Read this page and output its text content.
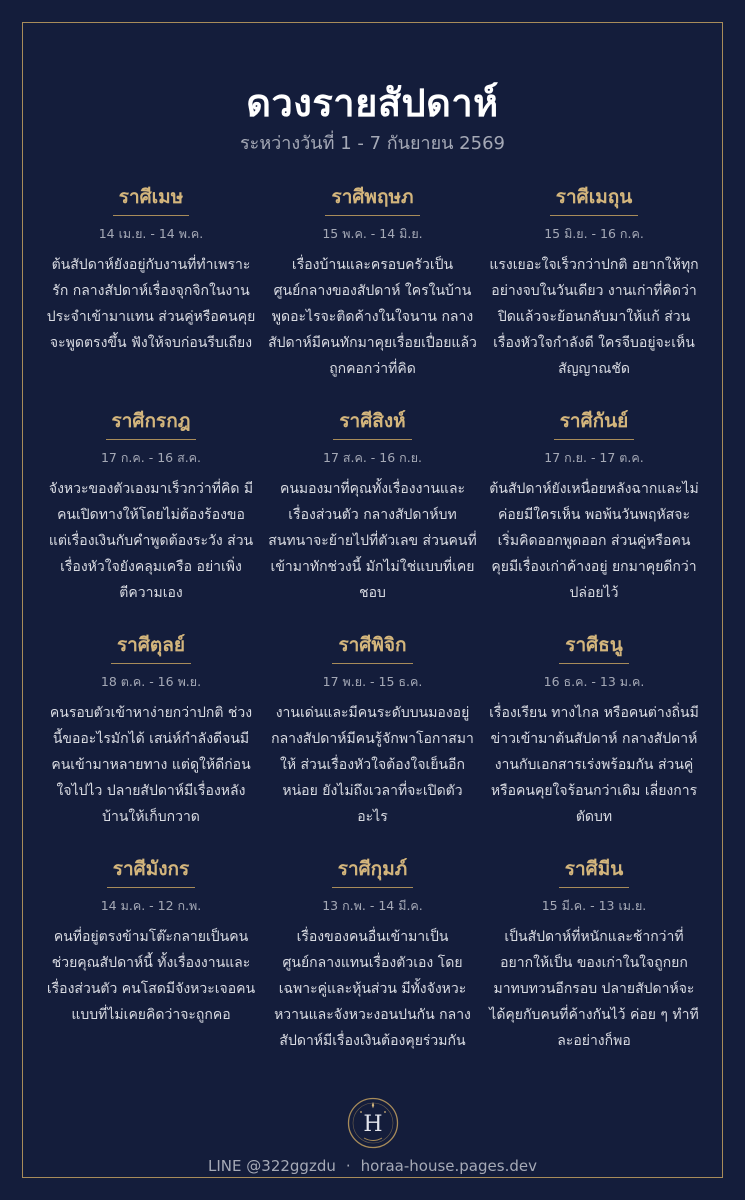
ดวงรายสัปดาห์
ระหว่างวันที่ 1 - 7 กันยายน 2569
ราศีเมษ
14 เม.ย. - 14 พ.ค.
ต้นสัปดาห์ยังอยู่กับงานที่ทำเพราะรัก กลางสัปดาห์เรื่องจุกจิกในงานประจำเข้ามาแทน ส่วนคู่หรือคนคุยจะพูดตรงขึ้น ฟังให้จบก่อนรีบเถียง
ราศีพฤษภ
15 พ.ค. - 14 มิ.ย.
เรื่องบ้านและครอบครัวเป็นศูนย์กลางของสัปดาห์ ใครในบ้านพูดอะไรจะติดค้างในใจนาน กลางสัปดาห์มีคนทักมาคุยเรื่อยเปื่อยแล้วถูกคอกว่าที่คิด
ราศีเมถุน
15 มิ.ย. - 16 ก.ค.
แรงเยอะใจเร็วกว่าปกติ อยากให้ทุกอย่างจบในวันเดียว งานเก่าที่คิดว่าปิดแล้วจะย้อนกลับมาให้แก้ ส่วนเรื่องหัวใจกำลังดี ใครจีบอยู่จะเห็นสัญญาณชัด
ราศีกรกฎ
17 ก.ค. - 16 ส.ค.
จังหวะของตัวเองมาเร็วกว่าที่คิด มีคนเปิดทางให้โดยไม่ต้องร้องขอ แต่เรื่องเงินกับคำพูดต้องระวัง ส่วนเรื่องหัวใจยังคลุมเครือ อย่าเพิ่งตีความเอง
ราศีสิงห์
17 ส.ค. - 16 ก.ย.
คนมองมาที่คุณทั้งเรื่องงานและเรื่องส่วนตัว กลางสัปดาห์บทสนทนาจะย้ายไปที่ตัวเลข ส่วนคนที่เข้ามาทักช่วงนี้ มักไม่ใช่แบบที่เคยชอบ
ราศีกันย์
17 ก.ย. - 17 ต.ค.
ต้นสัปดาห์ยังเหนื่อยหลังฉากและไม่ค่อยมีใครเห็น พอพ้นวันพฤหัสจะเริ่มคิดออกพูดออก ส่วนคู่หรือคนคุยมีเรื่องเก่าค้างอยู่ ยกมาคุยดีกว่าปล่อยไว้
ราศีตุลย์
18 ต.ค. - 16 พ.ย.
คนรอบตัวเข้าหาง่ายกว่าปกติ ช่วงนี้ขออะไรมักได้ เสน่ห์กำลังดีจนมีคนเข้ามาหลายทาง แต่ดูให้ดีก่อนใจไปไว ปลายสัปดาห์มีเรื่องหลังบ้านให้เก็บกวาด
ราศีพิจิก
17 พ.ย. - 15 ธ.ค.
งานเด่นและมีคนระดับบนมองอยู่ กลางสัปดาห์มีคนรู้จักพาโอกาสมาให้ ส่วนเรื่องหัวใจต้องใจเย็นอีกหน่อย ยังไม่ถึงเวลาที่จะเปิดตัวอะไร
ราศีธนู
16 ธ.ค. - 13 ม.ค.
เรื่องเรียน ทางไกล หรือคนต่างถิ่นมีข่าวเข้ามาต้นสัปดาห์ กลางสัปดาห์งานกับเอกสารเร่งพร้อมกัน ส่วนคู่หรือคนคุยใจร้อนกว่าเดิม เลี่ยงการตัดบท
ราศีมังกร
14 ม.ค. - 12 ก.พ.
คนที่อยู่ตรงข้ามโต๊ะกลายเป็นคนช่วยคุณสัปดาห์นี้ ทั้งเรื่องงานและเรื่องส่วนตัว คนโสดมีจังหวะเจอคนแบบที่ไม่เคยคิดว่าจะถูกคอ
ราศีกุมภ์
13 ก.พ. - 14 มี.ค.
เรื่องของคนอื่นเข้ามาเป็นศูนย์กลางแทนเรื่องตัวเอง โดยเฉพาะคู่และหุ้นส่วน มีทั้งจังหวะหวานและจังหวะงอนปนกัน กลางสัปดาห์มีเรื่องเงินต้องคุยร่วมกัน
ราศีมีน
15 มี.ค. - 13 เม.ย.
เป็นสัปดาห์ที่หนักและช้ากว่าที่อยากให้เป็น ของเก่าในใจถูกยกมาทบทวนอีกรอบ ปลายสัปดาห์จะได้คุยกับคนที่ค้างกันไว้ ค่อย ๆ ทำทีละอย่างก็พอ
H
LINE @322ggzdu · horaa-house.pages.dev
